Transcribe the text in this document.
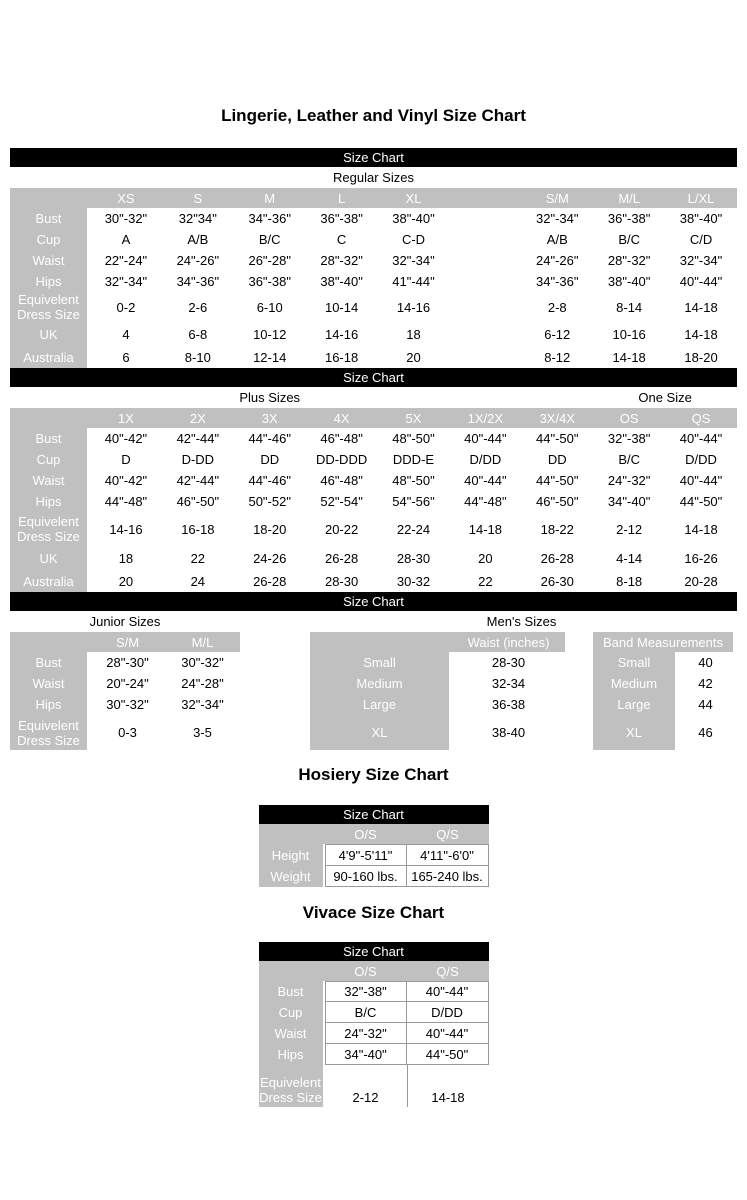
Lingerie, Leather and Vinyl Size Chart
Size Chart
Regular Sizes
XS	S	M	L	XL	S/M	M/L	L/XL
Bust	30"-32"	32"34"	34"-36"	36"-38"	38"-40"	32"-34"	36"-38"	38"-40"
Cup	A	A/B	B/C	C	C-D	A/B	B/C	C/D
Waist	22"-24"	24"-26"	26"-28"	28"-32"	32"-34"	24"-26"	28"-32"	32"-34"
Hips	32"-34"	34"-36"	36"-38"	38"-40"	41"-44"	34"-36"	38"-40"	40"-44"
Equivelent Dress Size	0-2	2-6	6-10	10-14	14-16	2-8	8-14	14-18
UK	4	6-8	10-12	14-16	18	6-12	10-16	14-18
Australia	6	8-10	12-14	16-18	20	8-12	14-18	18-20
Size Chart
Plus Sizes	One Size
1X	2X	3X	4X	5X	1X/2X	3X/4X	OS	QS
Bust	40"-42"	42"-44"	44"-46"	46"-48"	48"-50"	40"-44"	44"-50"	32"-38"	40"-44"
Cup	D	D-DD	DD	DD-DDD	DDD-E	D/DD	DD	B/C	D/DD
Waist	40"-42"	42"-44"	44"-46"	46"-48"	48"-50"	40"-44"	44"-50"	24"-32"	40"-44"
Hips	44"-48"	46"-50"	50"-52"	52"-54"	54"-56"	44"-48"	46"-50"	34"-40"	44"-50"
Equivelent Dress Size	14-16	16-18	18-20	20-22	22-24	14-18	18-22	2-12	14-18
UK	18	22	24-26	26-28	28-30	20	26-28	4-14	16-26
Australia	20	24	26-28	28-30	30-32	22	26-30	8-18	20-28
Size Chart
Junior Sizes	Men's Sizes
S/M	M/L
Bust	28"-30"	30"-32"
Waist	20"-24"	24"-28"
Hips	30"-32"	32"-34"
Equivelent Dress Size	0-3	3-5
Waist (inches)
Small	28-30
Medium	32-34
Large	36-38
XL	38-40
Band Measurements
Small	40
Medium	42
Large	44
XL	46
Hosiery Size Chart
Size Chart
O/S	Q/S
Height	4'9"-5'11"	4'11"-6'0"
Weight	90-160 lbs.	165-240 lbs.
Vivace Size Chart
Size Chart
O/S	Q/S
Bust	32"-38"	40"-44"
Cup	B/C	D/DD
Waist	24"-32"	40"-44"
Hips	34"-40"	44"-50"
Equivelent Dress Size	2-12	14-18
